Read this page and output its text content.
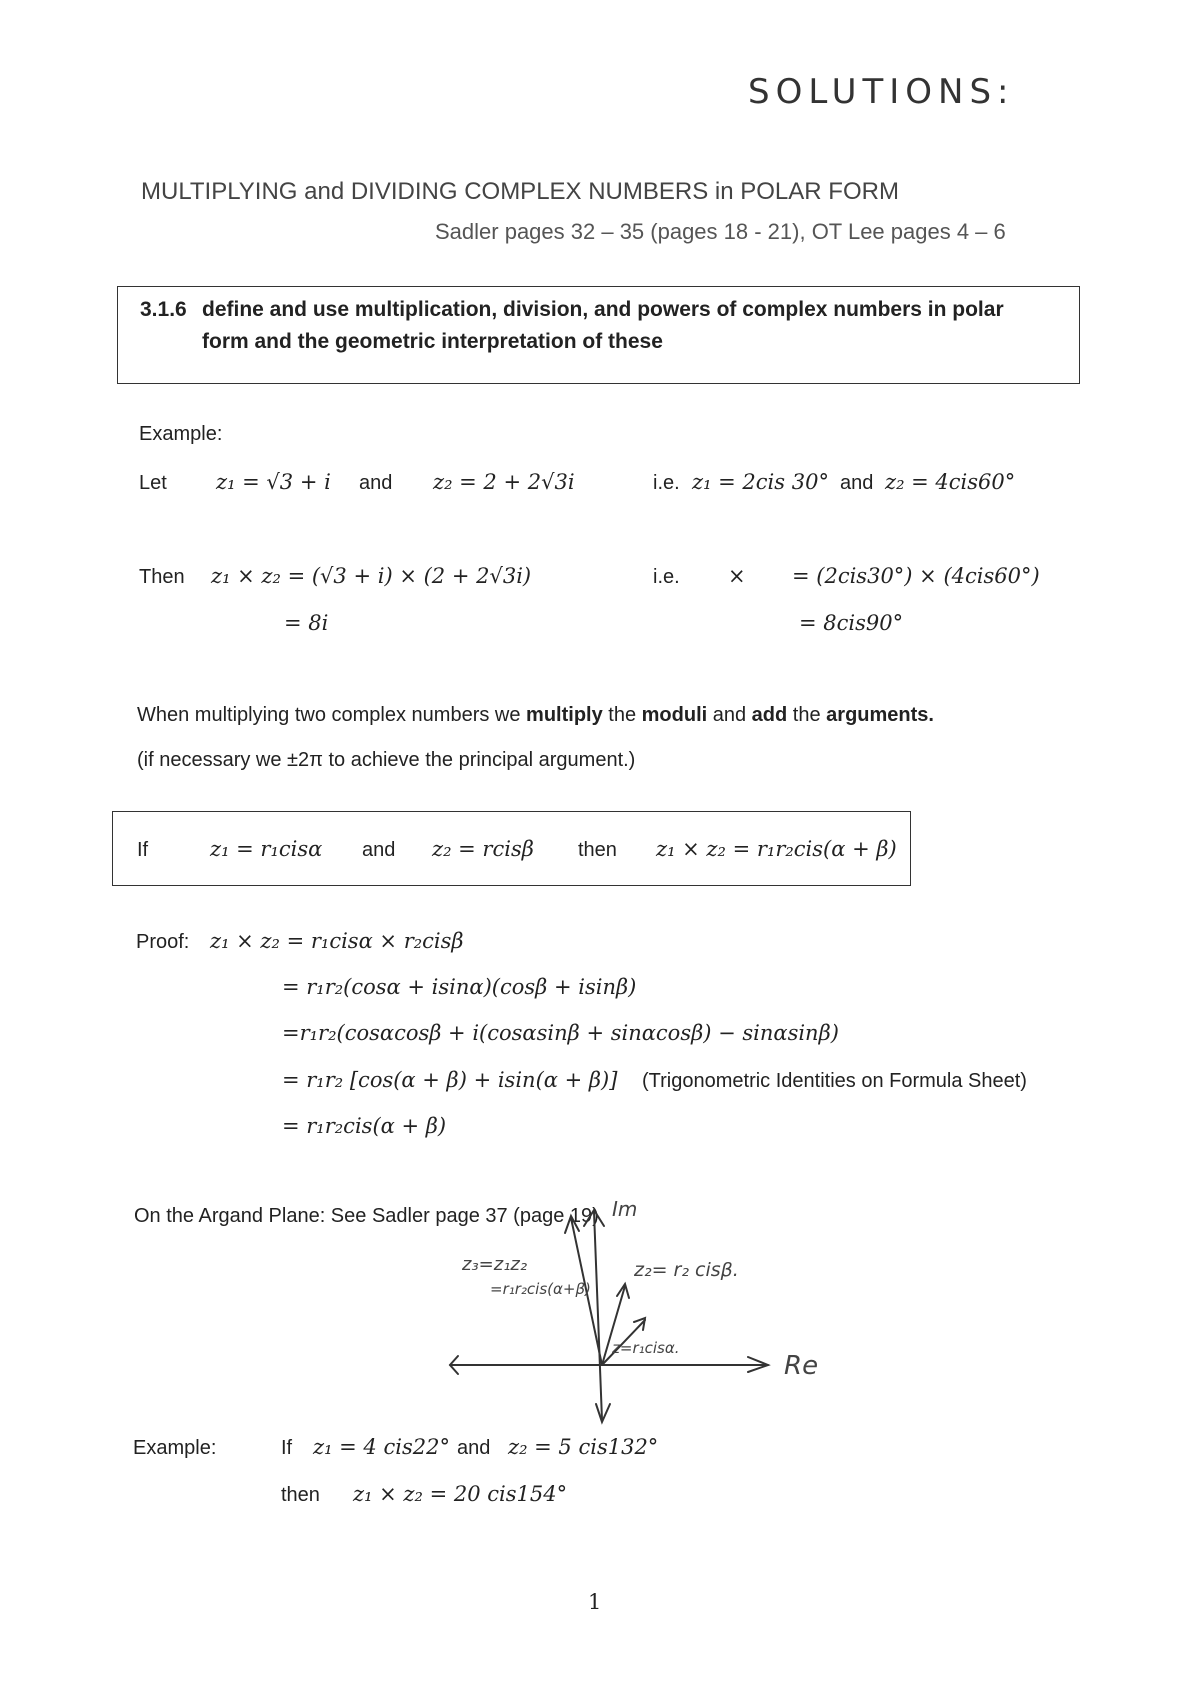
SOLUTIONS:
MULTIPLYING and DIVIDING COMPLEX NUMBERS in POLAR FORM
Sadler pages 32 – 35 (pages 18 - 21), OT Lee pages 4 – 6
3.1.6 define and use multiplication, division, and powers of complex numbers in polar
form and the geometric interpretation of these
Example:
Let z₁ = √3 + i and z₂ = 2 + 2√3i	i.e. z₁ = 2cis 30° and z₂ = 4cis60°
Then z₁ × z₂ = (√3 + i) × (2 + 2√3i)	i.e. × = (2cis30°) × (4cis60°)
= 8i	= 8cis90°
When multiplying two complex numbers we multiply the moduli and add the arguments.
(if necessary we ±2π to achieve the principal argument.)
If	z₁ = r₁cisα and z₂ = rcisβ then z₁ × z₂ = r₁r₂cis(α + β)
Proof: z₁ × z₂ = r₁cisα × r₂cisβ
= r₁r₂(cosα + isinα)(cosβ + isinβ)
=r₁r₂(cosαcosβ + i(cosαsinβ + sinαcosβ) − sinαsinβ)
= r₁r₂ [cos(α + β) + isin(α + β)] (Trigonometric Identities on Formula Sheet)
= r₁r₂cis(α + β)
On the Argand Plane: See Sadler page 37 (page 19) Im
Re
z₃=z₁z₂
=r₁r₂cis(α+β)
z₂= r₂ cisβ.
z=r₁cisα.
Example:	If z₁ = 4 cis22° and z₂ = 5 cis132°
then z₁ × z₂ = 20 cis154°
1
